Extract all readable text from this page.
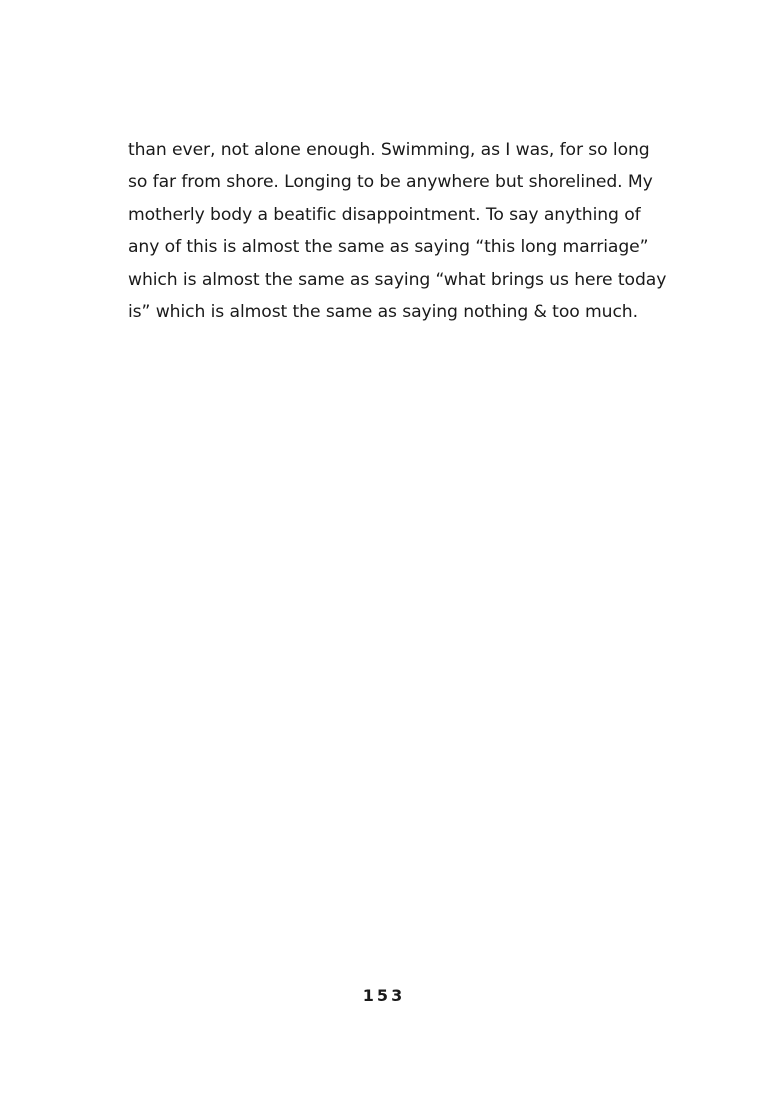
than ever, not alone enough. Swimming, as I was, for so long
so far from shore. Longing to be anywhere but shorelined. My
motherly body a beatific disappointment. To say anything of
any of this is almost the same as saying “this long marriage”
which is almost the same as saying “what brings us here today
is” which is almost the same as saying nothing & too much.
153
